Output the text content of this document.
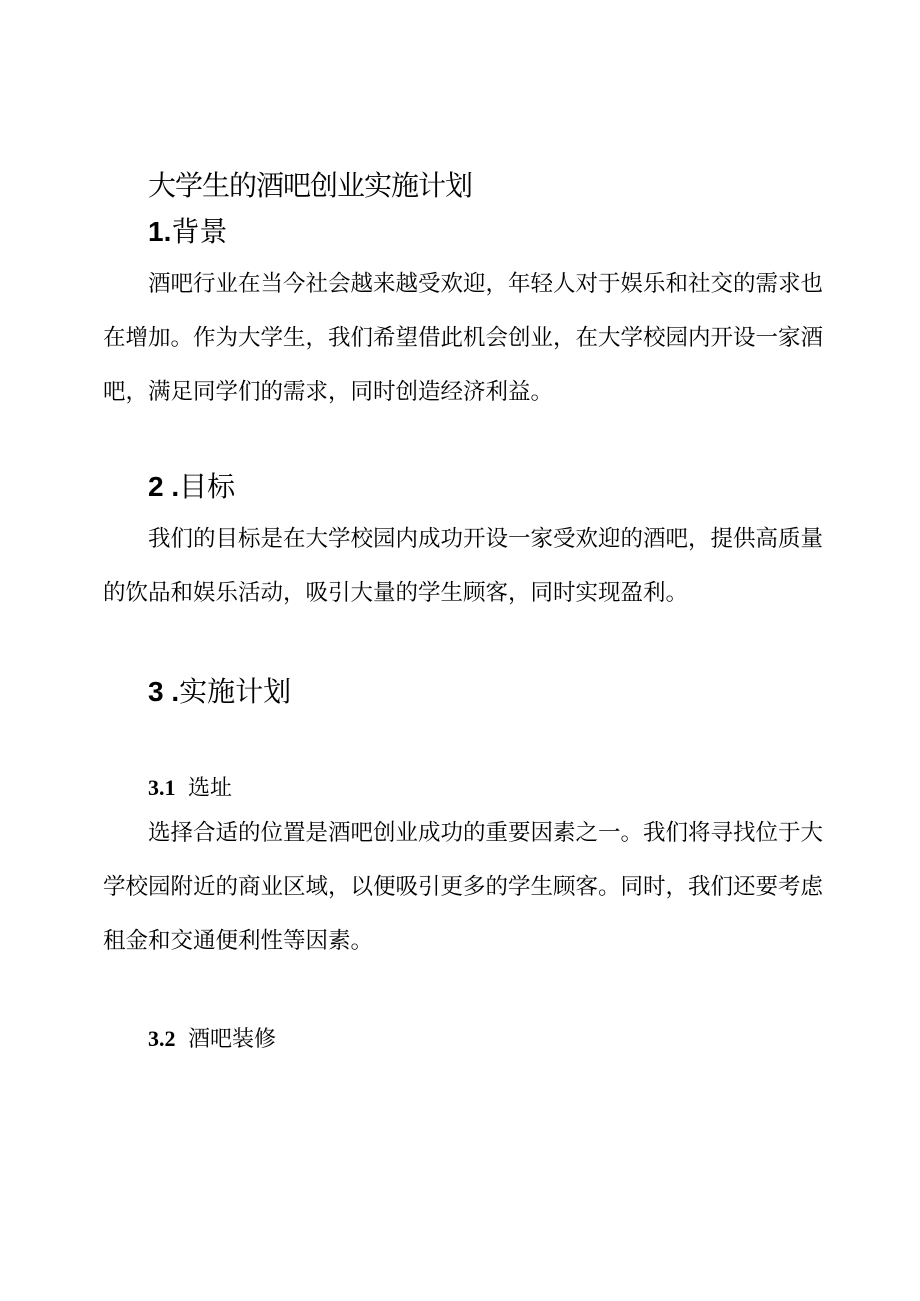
大学生的酒吧创业实施计划
1.背景

酒吧行业在当今社会越来越受欢迎，年轻人对于娱乐和社交的需求也在增加。作为大学生，我们希望借此机会创业，在大学校园内开设一家酒吧，满足同学们的需求，同时创造经济利益。

2 .目标

我们的目标是在大学校园内成功开设一家受欢迎的酒吧，提供高质量的饮品和娱乐活动，吸引大量的学生顾客，同时实现盈利。

3 .实施计划
3.1 选址

选择合适的位置是酒吧创业成功的重要因素之一。我们将寻找位于大学校园附近的商业区域，以便吸引更多的学生顾客。同时，我们还要考虑租金和交通便利性等因素。

3.2 酒吧装修
